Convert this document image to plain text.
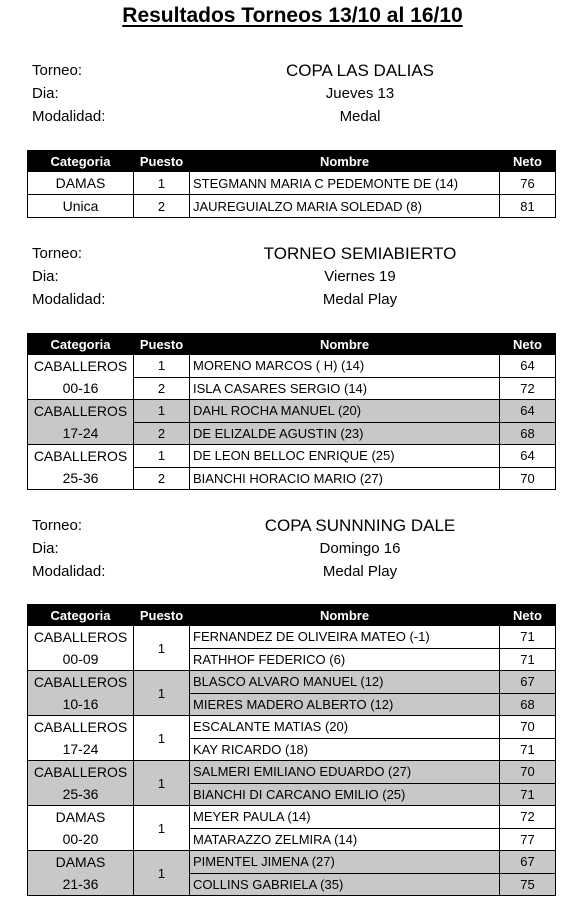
Resultados Torneos 13/10 al 16/10
Torneo:	COPA LAS DALIAS
Dia:	Jueves 13
Modalidad:	Medal
Categoria	Puesto	Nombre	Neto
DAMAS	1	STEGMANN MARIA C PEDEMONTE DE (14)	76
Unica	2	JAUREGUIALZO MARIA SOLEDAD (8)	81
Torneo:	TORNEO SEMIABIERTO
Dia:	Viernes 19
Modalidad:	Medal Play
Categoria	Puesto	Nombre	Neto
CABALLEROS	1	MORENO MARCOS ( H) (14)	64
00-16	2	ISLA CASARES SERGIO (14)	72
CABALLEROS	1	DAHL ROCHA MANUEL (20)	64
17-24	2	DE ELIZALDE AGUSTIN (23)	68
CABALLEROS	1	DE LEON BELLOC ENRIQUE (25)	64
25-36	2	BIANCHI HORACIO MARIO (27)	70
Torneo:	COPA SUNNNING DALE
Dia:	Domingo 16
Modalidad:	Medal Play
Categoria	Puesto	Nombre	Neto
CABALLEROS	1	FERNANDEZ DE OLIVEIRA MATEO (-1)	71
00-09		RATHHOF FEDERICO (6)	71
CABALLEROS	1	BLASCO ALVARO MANUEL (12)	67
10-16		MIERES MADERO ALBERTO (12)	68
CABALLEROS	1	ESCALANTE MATIAS (20)	70
17-24		KAY RICARDO (18)	71
CABALLEROS	1	SALMERI EMILIANO EDUARDO (27)	70
25-36		BIANCHI DI CARCANO EMILIO (25)	71
DAMAS	1	MEYER PAULA (14)	72
00-20		MATARAZZO ZELMIRA (14)	77
DAMAS	1	PIMENTEL JIMENA (27)	67
21-36		COLLINS GABRIELA (35)	75
